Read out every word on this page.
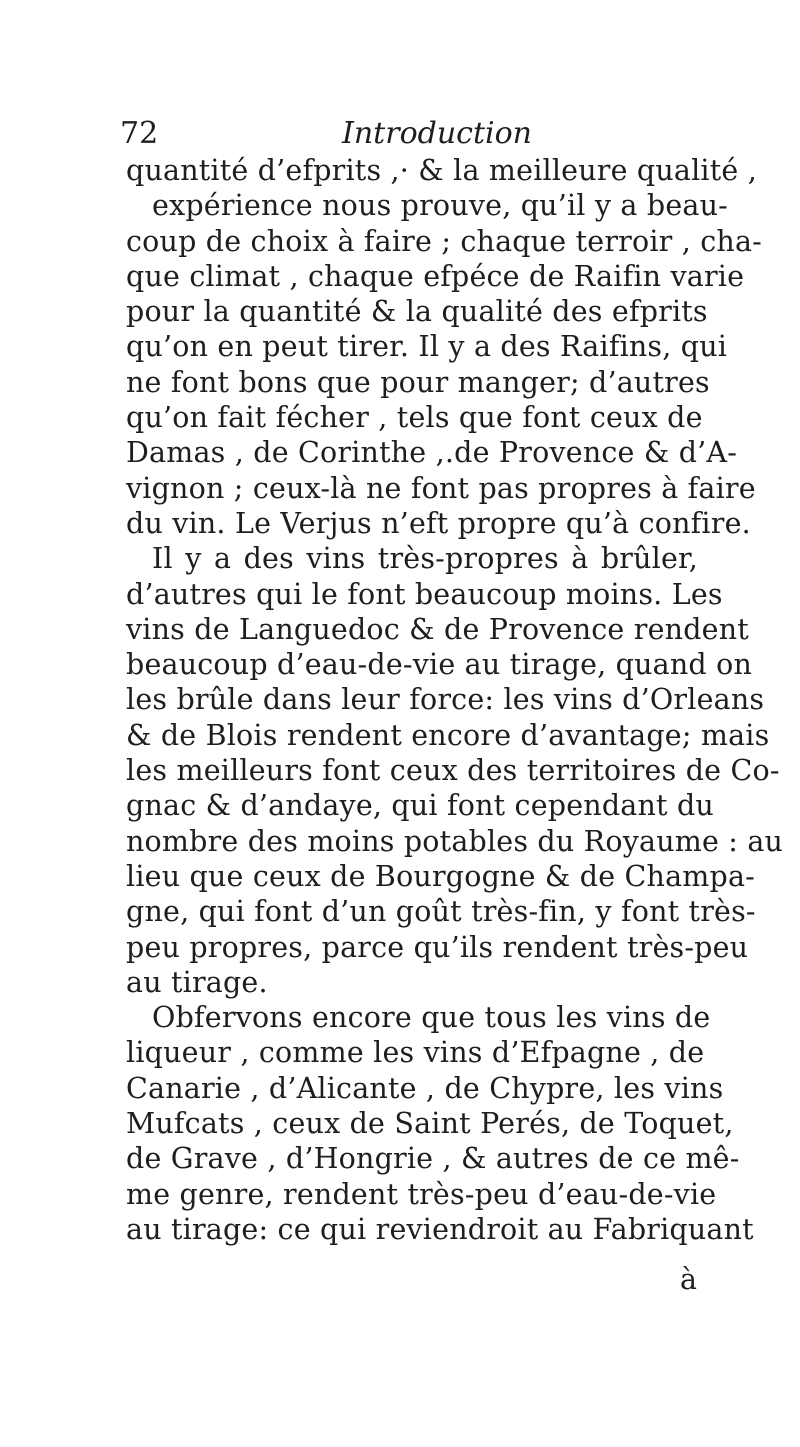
72	Introduction
quantité d’efprits ,· & la meilleure qualité ,
expérience nous prouve, qu’il y a beau-
coup de choix à faire ; chaque terroir , cha-
que climat , chaque efpéce de Raifin varie
pour la quantité & la qualité des efprits
qu’on en peut tirer. Il y a des Raifins, qui
ne font bons que pour manger; d’autres
qu’on fait fécher , tels que font ceux de
Damas , de Corinthe ,.de Provence & d’A-
vignon ; ceux-là ne font pas propres à faire
du vin. Le Verjus n’eft propre qu’à confire.
Il y a des vins très-propres à brûler,
d’autres qui le font beaucoup moins. Les
vins de Languedoc & de Provence rendent
beaucoup d’eau-de-vie au tirage, quand on
les brûle dans leur force: les vins d’Orleans
& de Blois rendent encore d’avantage; mais
les meilleurs font ceux des territoires de Co-
gnac & d’andaye, qui font cependant du
nombre des moins potables du Royaume : au
lieu que ceux de Bourgogne & de Champa-
gne, qui font d’un goût très-fin, y font très-
peu propres, parce qu’ils rendent très-peu
au tirage.
Obfervons encore que tous les vins de
liqueur , comme les vins d’Efpagne , de
Canarie , d’Alicante , de Chypre, les vins
Mufcats , ceux de Saint Perés, de Toquet,
de Grave , d’Hongrie , & autres de ce mê-
me genre, rendent très-peu d’eau-de-vie
au tirage: ce qui reviendroit au Fabriquant
à
